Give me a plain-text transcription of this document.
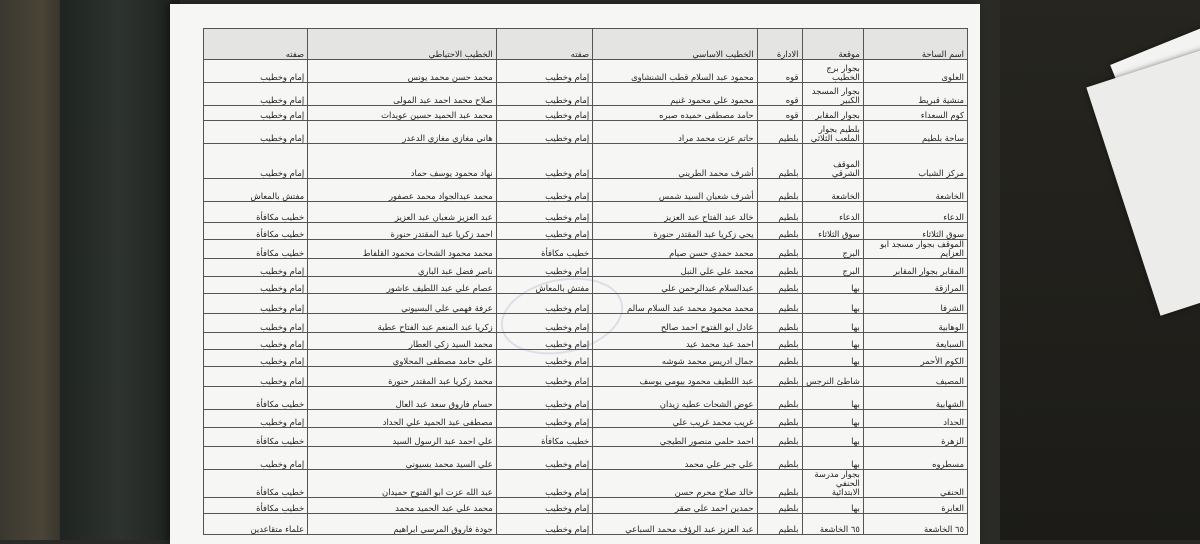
اسم الساحة	موقعة	الادارة	الخطيب الاساسي	صفته	الخطيب الاحتياطي	صفته
العلوى	بجوار برج الخطيب	قوه	محمود عبد السلام قطب الشنشاوى	إمام وخطيب	محمد حسن محمد يونس	إمام وخطيب
منشية قبريط	بجوار المسجد الكبير	قوه	محمود علي محمود غنيم	إمام وخطيب	صلاح محمد احمد عبد المولى	إمام وخطيب
كوم السعداء	بجوار المقابر	قوه	حامد مصطفى حميده صبره	إمام وخطيب	محمد عبد الحميد حسين عويدات	إمام وخطيب
ساحة بلطيم	بلطيم بجوار الملعب الثلاثي	بلطيم	حاتم عزت محمد مراد	إمام وخطيب	هاني مغازي مغازي الدعدر	إمام وخطيب
مركز الشباب	الموقف الشرقي	بلطيم	أشرف محمد الطريني	إمام وخطيب	نهاد محمود يوسف حماد	إمام وخطيب
الخاشعة	الخاشعة	بلطيم	أشرف شعبان السيد شمس	إمام وخطيب	محمد عبدالجواد محمد عصفور	مفتش بالمعاش
الدعاء	الدعاء	بلطيم	خالد عبد الفتاح عبد العزيز	إمام وخطيب	عبد العزيز شعبان عبد العزيز	خطيب مكافأة
سوق الثلاثاء	سوق الثلاثاء	بلطيم	يحي زكريا عبد المقتدر حنورة	إمام وخطيب	احمد زكريا عبد المقتدر حنورة	خطيب مكافأة
الموقف بجوار مسجد ابو العزايم	البرج	بلطيم	محمد حمدي حسن صيام	خطيب مكافأة	محمد محمود الشحات محمود القلفاط	خطيب مكافأة
المقابر بجوار المقابر	البرج	بلطيم	محمد علي علي النبل	إمام وخطيب	ناصر فضل عبد الباري	إمام وخطيب
المرازقة	بها	بلطيم	عبدالسلام عبدالرحمن علي	مفتش بالمعاش	عصام علي عبد اللطيف عاشور	إمام وخطيب
الشرفا	بها	بلطيم	محمد محمود محمد عبد السلام سالم	إمام وخطيب	عرفة فهمي علي البسيوني	إمام وخطيب
الوهابية	بها	بلطيم	عادل ابو الفتوح احمد صالح	إمام وخطيب	زكريا عبد المنعم عبد الفتاح عطية	إمام وخطيب
السبايعة	بها	بلطيم	احمد عبد محمد عيد	إمام وخطيب	محمد السيد زكي العطار	إمام وخطيب
الكوم الأحمر	بها	بلطيم	جمال ادريس محمد شوشه	إمام وخطيب	علي حامد مصطفى المحلاوي	إمام وخطيب
المصيف	شاطئ النرجس	بلطيم	عبد اللطيف محمود بيومي يوسف	إمام وخطيب	محمد زكريا عبد المقتدر حنورة	إمام وخطيب
الشهابية	بها	بلطيم	عوض الشحات عطيه زيدان	إمام وخطيب	حسام فاروق سعد عبد العال	خطيب مكافأة
الحداد	بها	بلطيم	غريب محمد غريب علي	إمام وخطيب	مصطفى عبد الحميد علي الحداد	إمام وخطيب
الزهرة	بها	بلطيم	احمد حلمي منصور الطيجي	خطيب مكافأة	علي احمد عبد الرسول السيد	خطيب مكافأة
مسطروه	بها	بلطيم	علي جبر علي محمد	إمام وخطيب	علي السيد محمد بسيوني	إمام وخطيب
الحنفي	بجوار مدرسة الحنفي الابتدائية	بلطيم	خالد صلاح محرم حسن	إمام وخطيب	عبد الله عزت ابو الفتوح حميدان	خطيب مكافأة
العابرة	بها	بلطيم	حمدين احمد علي صقر	إمام وخطيب	محمد علي عبد الحميد محمد	خطيب مكافأة
٦٥ الخاشعة	٦٥ الخاشعة	بلطيم	عبد العزيز عبد الرؤف محمد السباعي	إمام وخطيب	جودة فاروق المرسي ابراهيم	علماء متقاعدين
